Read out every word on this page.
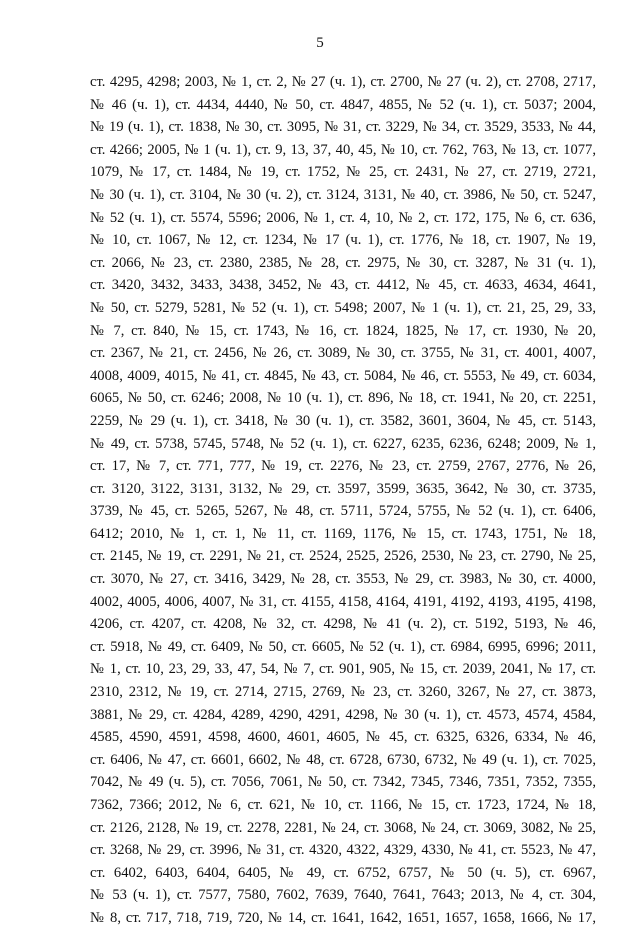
5
ст. 4295, 4298; 2003, № 1, ст. 2, № 27 (ч. 1), ст. 2700, № 27 (ч. 2), ст. 2708, 2717,
№ 46 (ч. 1), ст. 4434, 4440, № 50, ст. 4847, 4855, № 52 (ч. 1), ст. 5037; 2004,
№ 19 (ч. 1), ст. 1838, № 30, ст. 3095, № 31, ст. 3229, № 34, ст. 3529, 3533, № 44,
ст. 4266; 2005, № 1 (ч. 1), ст. 9, 13, 37, 40, 45, № 10, ст. 762, 763, № 13, ст. 1077,
1079, № 17, ст. 1484, № 19, ст. 1752, № 25, ст. 2431, № 27, ст. 2719, 2721,
№ 30 (ч. 1), ст. 3104, № 30 (ч. 2), ст. 3124, 3131, № 40, ст. 3986, № 50, ст. 5247,
№ 52 (ч. 1), ст. 5574, 5596; 2006, № 1, ст. 4, 10, № 2, ст. 172, 175, № 6, ст. 636,
№ 10, ст. 1067, № 12, ст. 1234, № 17 (ч. 1), ст. 1776, № 18, ст. 1907, № 19,
ст. 2066, № 23, ст. 2380, 2385, № 28, ст. 2975, № 30, ст. 3287, № 31 (ч. 1),
ст. 3420, 3432, 3433, 3438, 3452, № 43, ст. 4412, № 45, ст. 4633, 4634, 4641,
№ 50, ст. 5279, 5281, № 52 (ч. 1), ст. 5498; 2007, № 1 (ч. 1), ст. 21, 25, 29, 33,
№ 7, ст. 840, № 15, ст. 1743, № 16, ст. 1824, 1825, № 17, ст. 1930, № 20,
ст. 2367, № 21, ст. 2456, № 26, ст. 3089, № 30, ст. 3755, № 31, ст. 4001, 4007,
4008, 4009, 4015, № 41, ст. 4845, № 43, ст. 5084, № 46, ст. 5553, № 49, ст. 6034,
6065, № 50, ст. 6246; 2008, № 10 (ч. 1), ст. 896, № 18, ст. 1941, № 20, ст. 2251,
2259, № 29 (ч. 1), ст. 3418, № 30 (ч. 1), ст. 3582, 3601, 3604, № 45, ст. 5143,
№ 49, ст. 5738, 5745, 5748, № 52 (ч. 1), ст. 6227, 6235, 6236, 6248; 2009, № 1,
ст. 17, № 7, ст. 771, 777, № 19, ст. 2276, № 23, ст. 2759, 2767, 2776, № 26,
ст. 3120, 3122, 3131, 3132, № 29, ст. 3597, 3599, 3635, 3642, № 30, ст. 3735,
3739, № 45, ст. 5265, 5267, № 48, ст. 5711, 5724, 5755, № 52 (ч. 1), ст. 6406,
6412; 2010, № 1, ст. 1, № 11, ст. 1169, 1176, № 15, ст. 1743, 1751, № 18,
ст. 2145, № 19, ст. 2291, № 21, ст. 2524, 2525, 2526, 2530, № 23, ст. 2790, № 25,
ст. 3070, № 27, ст. 3416, 3429, № 28, ст. 3553, № 29, ст. 3983, № 30, ст. 4000,
4002, 4005, 4006, 4007, № 31, ст. 4155, 4158, 4164, 4191, 4192, 4193, 4195, 4198,
4206, ст. 4207, ст. 4208, № 32, ст. 4298, № 41 (ч. 2), ст. 5192, 5193, № 46,
ст. 5918, № 49, ст. 6409, № 50, ст. 6605, № 52 (ч. 1), ст. 6984, 6995, 6996; 2011,
№ 1, ст. 10, 23, 29, 33, 47, 54, № 7, ст. 901, 905, № 15, ст. 2039, 2041, № 17, ст.
2310, 2312, № 19, ст. 2714, 2715, 2769, № 23, ст. 3260, 3267, № 27, ст. 3873,
3881, № 29, ст. 4284, 4289, 4290, 4291, 4298, № 30 (ч. 1), ст. 4573, 4574, 4584,
4585, 4590, 4591, 4598, 4600, 4601, 4605, № 45, ст. 6325, 6326, 6334, № 46,
ст. 6406, № 47, ст. 6601, 6602, № 48, ст. 6728, 6730, 6732, № 49 (ч. 1), ст. 7025,
7042, № 49 (ч. 5), ст. 7056, 7061, № 50, ст. 7342, 7345, 7346, 7351, 7352, 7355,
7362, 7366; 2012, № 6, ст. 621, № 10, ст. 1166, № 15, ст. 1723, 1724, № 18,
ст. 2126, 2128, № 19, ст. 2278, 2281, № 24, ст. 3068, № 24, ст. 3069, 3082, № 25,
ст. 3268, № 29, ст. 3996, № 31, ст. 4320, 4322, 4329, 4330, № 41, ст. 5523, № 47,
ст. 6402, 6403, 6404, 6405, № 49, ст. 6752, 6757, № 50 (ч. 5), ст. 6967,
№ 53 (ч. 1), ст. 7577, 7580, 7602, 7639, 7640, 7641, 7643; 2013, № 4, ст. 304,
№ 8, ст. 717, 718, 719, 720, № 14, ст. 1641, 1642, 1651, 1657, 1658, 1666, № 17,
